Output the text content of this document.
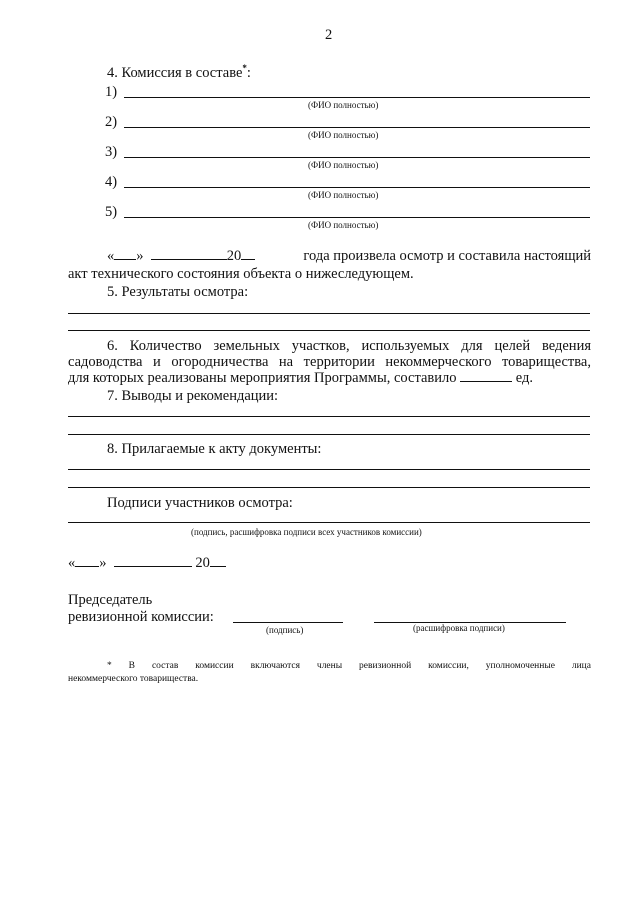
2
4. Комиссия в составе*:
1)
(ФИО полностью)
2)
(ФИО полностью)
3)
(ФИО полностью)
4)
(ФИО полностью)
5)
(ФИО полностью)
« »	20	года произвела осмотр и составила настоящий
акт технического состояния объекта о нижеследующем.
5. Результаты осмотра:
6. Количество земельных участков, используемых для целей ведения
садоводства и огородничества на территории некоммерческого товарищества,
для которых реализованы мероприятия Программы, составило	ед.
7. Выводы и рекомендации:
8. Прилагаемые к акту документы:
Подписи участников осмотра:
(подпись, расшифровка подписи всех участников комиссии)
« »	20
Председатель
ревизионной комиссии:
(подпись)	(расшифровка подписи)
* В состав комиссии включаются члены ревизионной комиссии, уполномоченные лица
некоммерческого товарищества.
